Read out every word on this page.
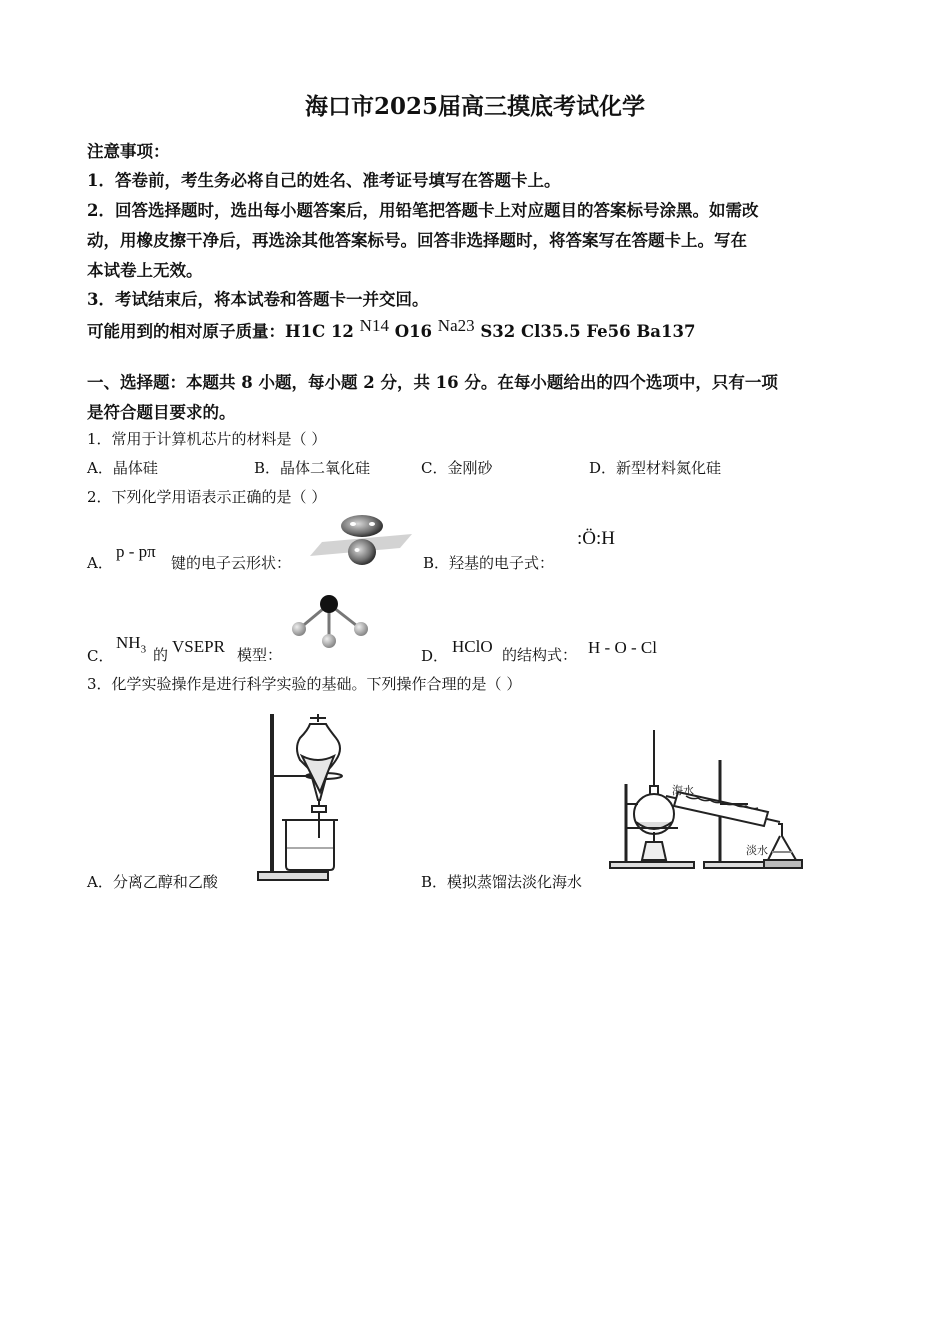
海口市2025届高三摸底考试化学
注意事项：
1．答卷前，考生务必将自己的姓名、准考证号填写在答题卡上。
2．回答选择题时，选出每小题答案后，用铅笔把答题卡上对应题目的答案标号涂黑。如需改
动，用橡皮擦干净后，再选涂其他答案标号。回答非选择题时，将答案写在答题卡上。写在
本试卷上无效。
3．考试结束后，将本试卷和答题卡一并交回。
可能用到的相对原子质量：H1C 12 N14 O16 Na23 S32 Cl35.5 Fe56 Ba137
一、选择题：本题共 8 小题，每小题 2 分，共 16 分。在每小题给出的四个选项中，只有一项
是符合题目要求的。
1．常用于计算机芯片的材料是（ ）
A．晶体硅	B．晶体二氧化硅	C．金刚砂	D．新型材料氮化硅
2．下列化学用语表示正确的是（ ）
A．
p - pπ
键的电子云形状：	B．羟基的电子式：
:Ö:H
C．
$NH_3$ 的 VSEPR 模型：	D． HClO 的结构式： H - O - Cl
3．化学实验操作是进行科学实验的基础。下列操作合理的是（ ）
A．分离乙醇和乙酸	B．模拟蒸馏法淡化海水
海水
淡水
